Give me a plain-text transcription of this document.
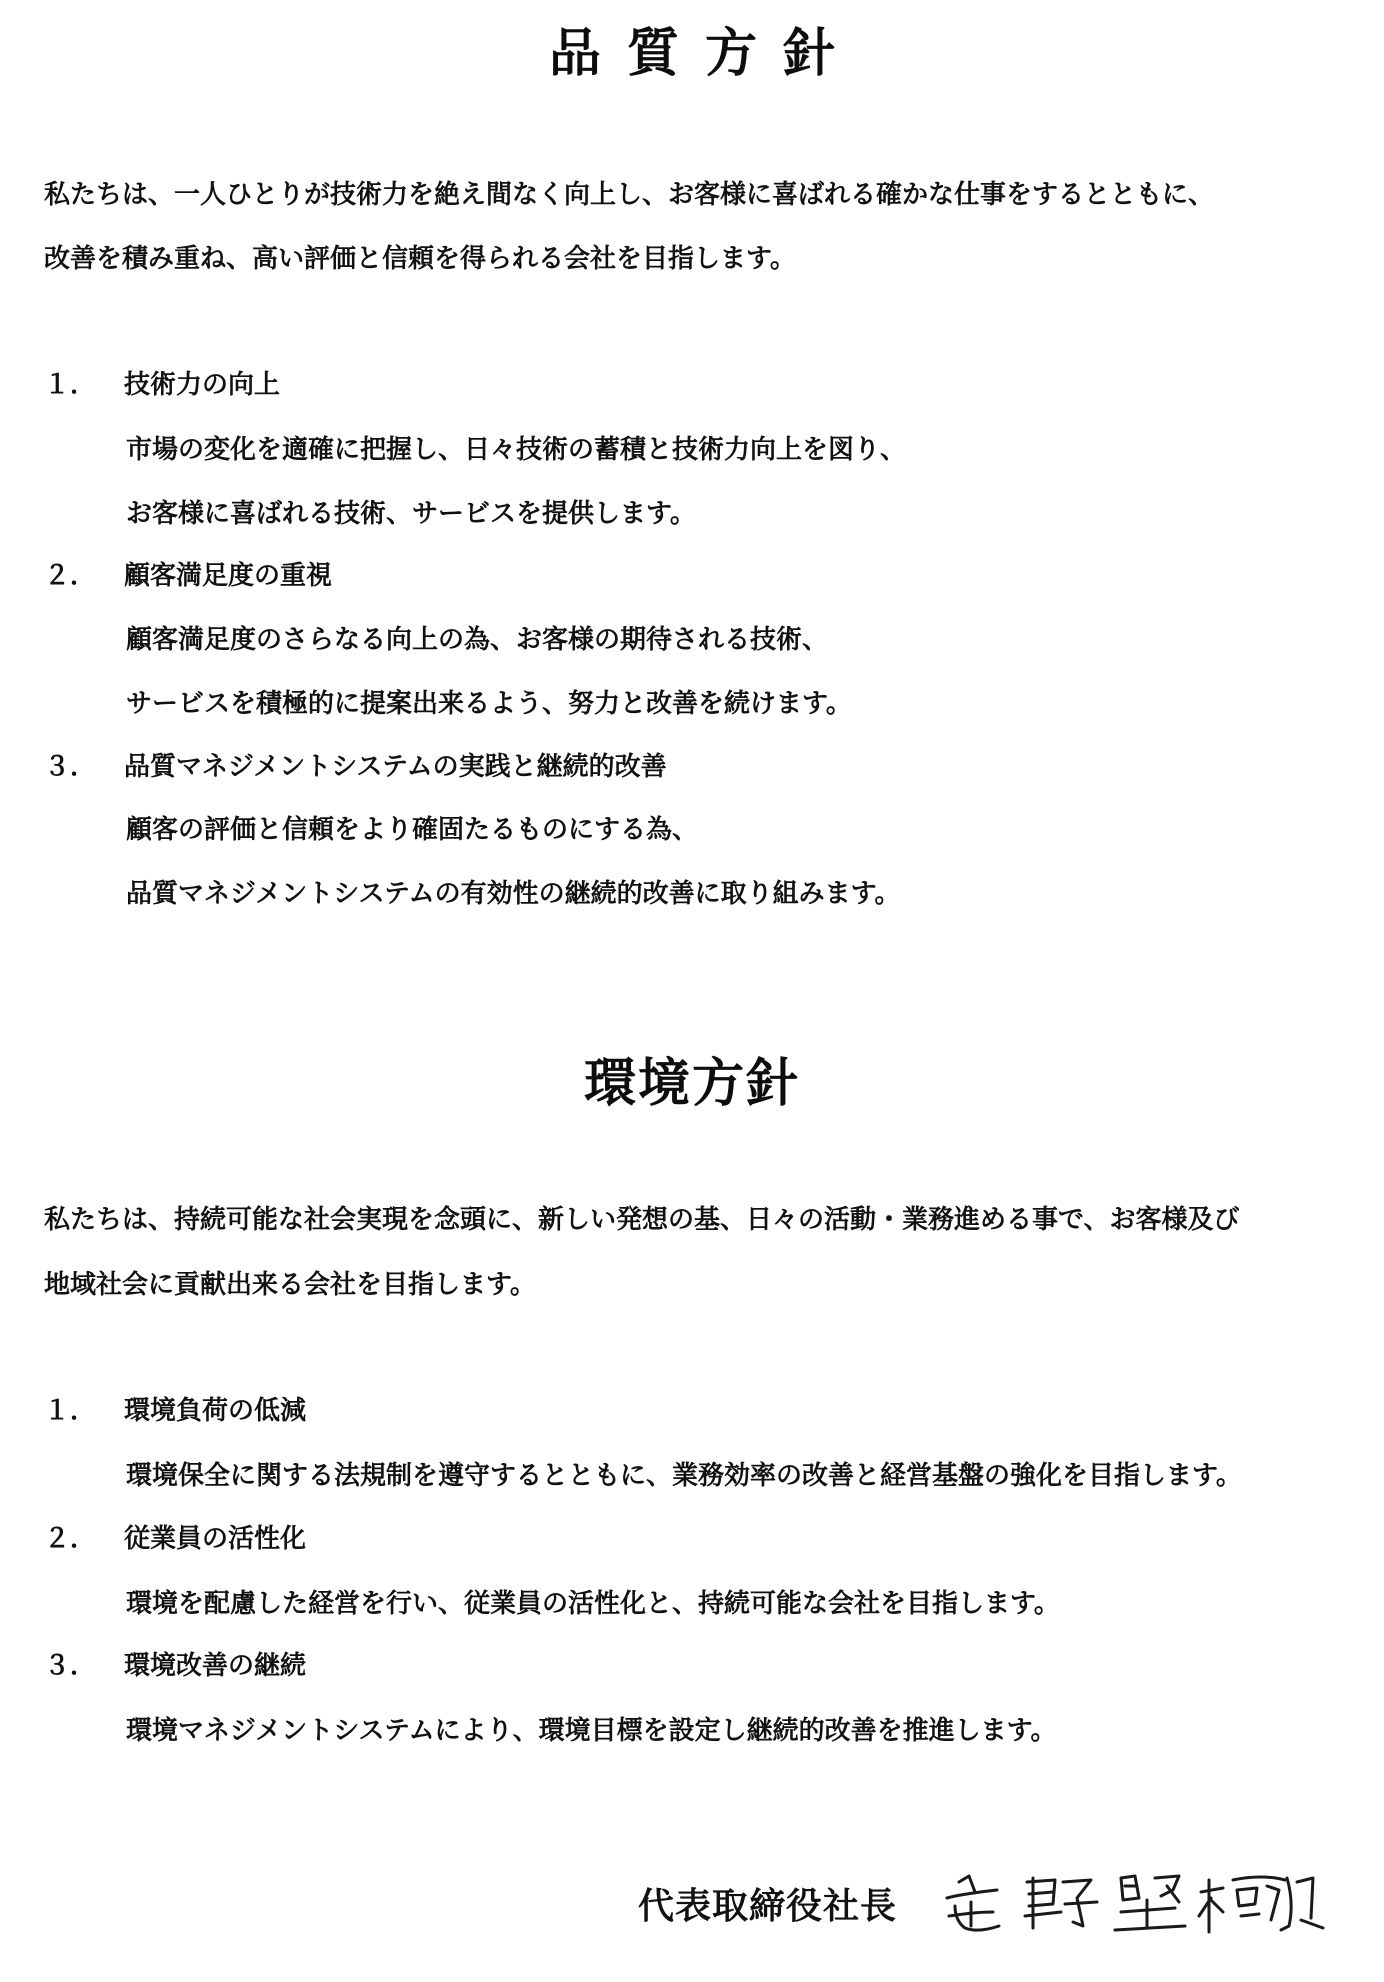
品質方針

私たちは、一人ひとりが技術力を絶え間なく向上し、お客様に喜ばれる確かな仕事をするとともに、

改善を積み重ね、高い評価と信頼を得られる会社を目指します。

１． 技術力の向上

市場の変化を適確に把握し、日々技術の蓄積と技術力向上を図り、

お客様に喜ばれる技術、サービスを提供します。

２． 顧客満足度の重視

顧客満足度のさらなる向上の為、お客様の期待される技術、

サービスを積極的に提案出来るよう、努力と改善を続けます。

３． 品質マネジメントシステムの実践と継続的改善

顧客の評価と信頼をより確固たるものにする為、

品質マネジメントシステムの有効性の継続的改善に取り組みます。

環境方針

私たちは、持続可能な社会実現を念頭に、新しい発想の基、日々の活動・業務進める事で、お客様及び

地域社会に貢献出来る会社を目指します。

１． 環境負荷の低減

環境保全に関する法規制を遵守するとともに、業務効率の改善と経営基盤の強化を目指します。

２． 従業員の活性化

環境を配慮した経営を行い、従業員の活性化と、持続可能な会社を目指します。

３． 環境改善の継続

環境マネジメントシステムにより、環境目標を設定し継続的改善を推進します。

代表取締役社長
